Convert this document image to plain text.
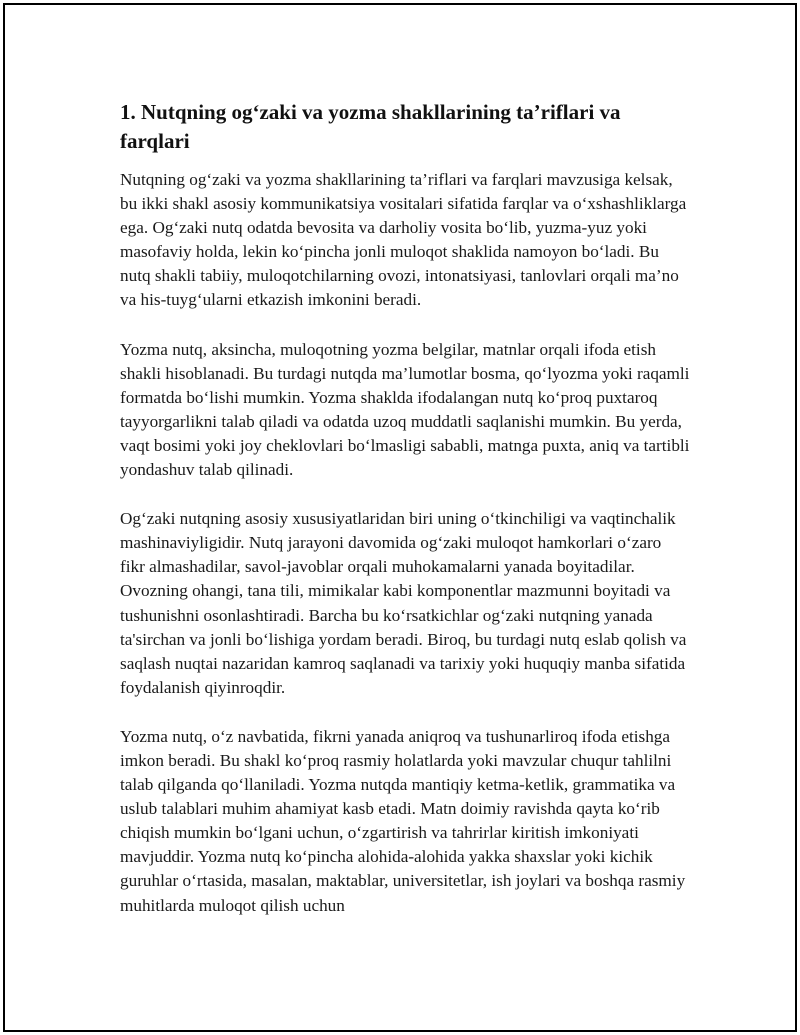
1. Nutqning og‘zaki va yozma shakllarining ta’riflari va farqlari

Nutqning og‘zaki va yozma shakllarining ta’riflari va farqlari mavzusiga kelsak, bu ikki shakl asosiy kommunikatsiya vositalari sifatida farqlar va o‘xshashliklarga ega. Og‘zaki nutq odatda bevosita va darholiy vosita bo‘lib, yuzma-yuz yoki masofaviy holda, lekin ko‘pincha jonli muloqot shaklida namoyon bo‘ladi. Bu nutq shakli tabiiy, muloqotchilarning ovozi, intonatsiyasi, tanlovlari orqali ma’no va his-tuyg‘ularni etkazish imkonini beradi.

Yozma nutq, aksincha, muloqotning yozma belgilar, matnlar orqali ifoda etish shakli hisoblanadi. Bu turdagi nutqda ma’lumotlar bosma, qo‘lyozma yoki raqamli formatda bo‘lishi mumkin. Yozma shaklda ifodalangan nutq ko‘proq puxtaroq tayyorgarlikni talab qiladi va odatda uzoq muddatli saqlanishi mumkin. Bu yerda, vaqt bosimi yoki joy cheklovlari bo‘lmasligi sababli, matnga puxta, aniq va tartibli yondashuv talab qilinadi.

Og‘zaki nutqning asosiy xususiyatlaridan biri uning o‘tkinchiligi va vaqtinchalik mashinaviyligidir. Nutq jarayoni davomida og‘zaki muloqot hamkorlari o‘zaro fikr almashadilar, savol-javoblar orqali muhokamalarni yanada boyitadilar. Ovozning ohangi, tana tili, mimikalar kabi komponentlar mazmunni boyitadi va tushunishni osonlashtiradi. Barcha bu ko‘rsatkichlar og‘zaki nutqning yanada ta'sirchan va jonli bo‘lishiga yordam beradi. Biroq, bu turdagi nutq eslab qolish va saqlash nuqtai nazaridan kamroq saqlanadi va tarixiy yoki huquqiy manba sifatida foydalanish qiyinroqdir.

Yozma nutq, o‘z navbatida, fikrni yanada aniqroq va tushunarliroq ifoda etishga imkon beradi. Bu shakl ko‘proq rasmiy holatlarda yoki mavzular chuqur tahlilni talab qilganda qo‘llaniladi. Yozma nutqda mantiqiy ketma-ketlik, grammatika va uslub talablari muhim ahamiyat kasb etadi. Matn doimiy ravishda qayta ko‘rib chiqish mumkin bo‘lgani uchun, o‘zgartirish va tahrirlar kiritish imkoniyati mavjuddir. Yozma nutq ko‘pincha alohida-alohida yakka shaxslar yoki kichik guruhlar o‘rtasida, masalan, maktablar, universitetlar, ish joylari va boshqa rasmiy muhitlarda muloqot qilish uchun
